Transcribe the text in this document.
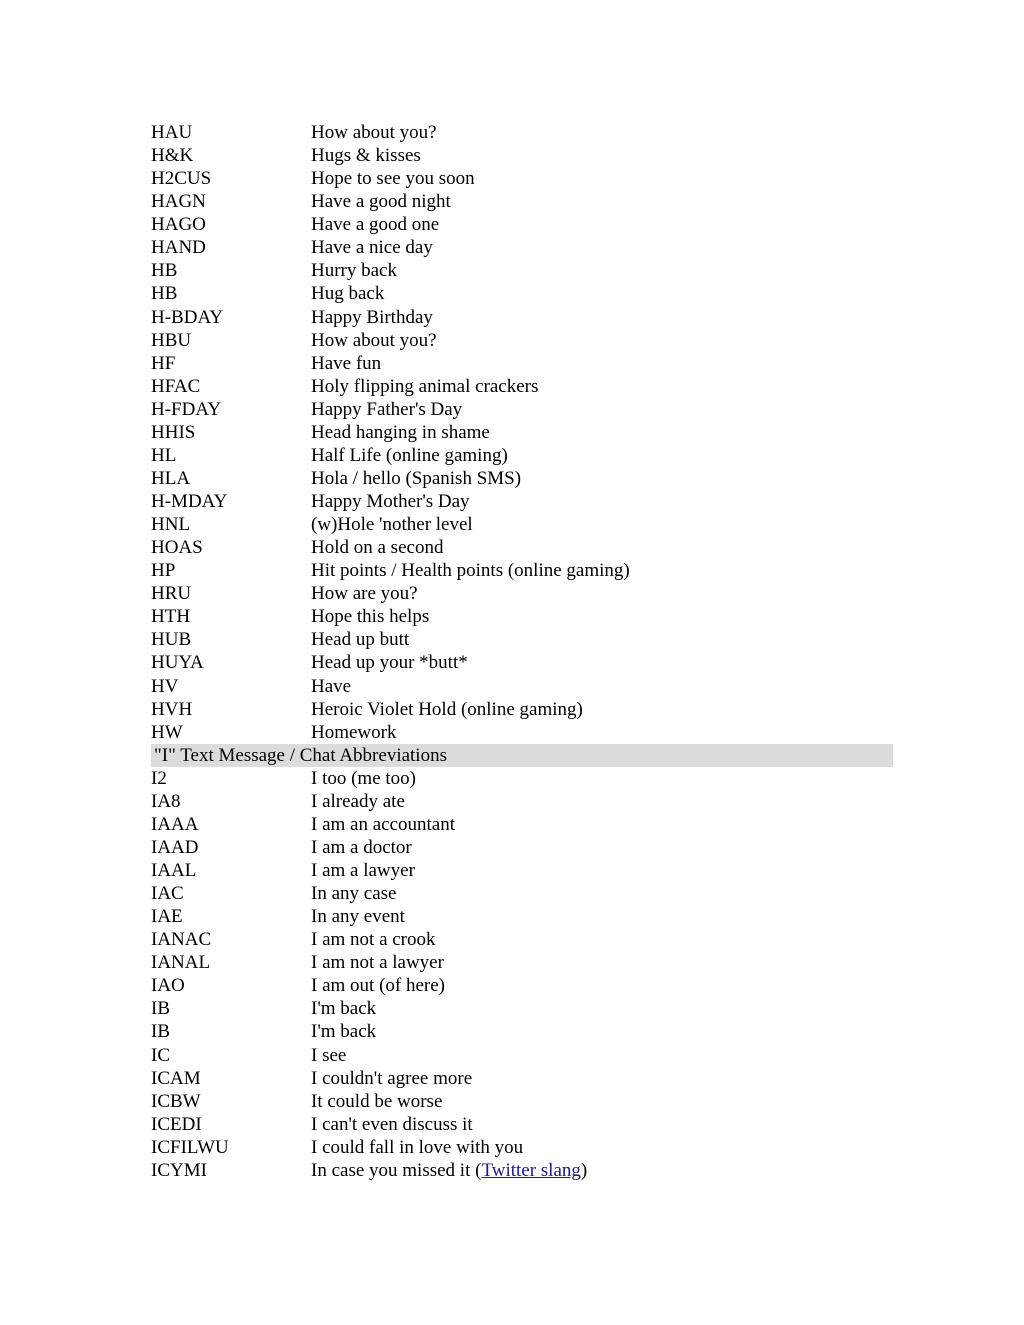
HAU	How about you?
H&K	Hugs & kisses
H2CUS	Hope to see you soon
HAGN	Have a good night
HAGO	Have a good one
HAND	Have a nice day
HB	Hurry back
HB	Hug back
H-BDAY	Happy Birthday
HBU	How about you?
HF	Have fun
HFAC	Holy flipping animal crackers
H-FDAY	Happy Father's Day
HHIS	Head hanging in shame
HL	Half Life (online gaming)
HLA	Hola / hello (Spanish SMS)
H-MDAY	Happy Mother's Day
HNL	(w)Hole 'nother level
HOAS	Hold on a second
HP	Hit points / Health points (online gaming)
HRU	How are you?
HTH	Hope this helps
HUB	Head up butt
HUYA	Head up your *butt*
HV	Have
HVH	Heroic Violet Hold (online gaming)
HW	Homework
"I" Text Message / Chat Abbreviations
I2	I too (me too)
IA8	I already ate
IAAA	I am an accountant
IAAD	I am a doctor
IAAL	I am a lawyer
IAC	In any case
IAE	In any event
IANAC	I am not a crook
IANAL	I am not a lawyer
IAO	I am out (of here)
IB	I'm back
IB	I'm back
IC	I see
ICAM	I couldn't agree more
ICBW	It could be worse
ICEDI	I can't even discuss it
ICFILWU	I could fall in love with you
ICYMI	In case you missed it (Twitter slang)
